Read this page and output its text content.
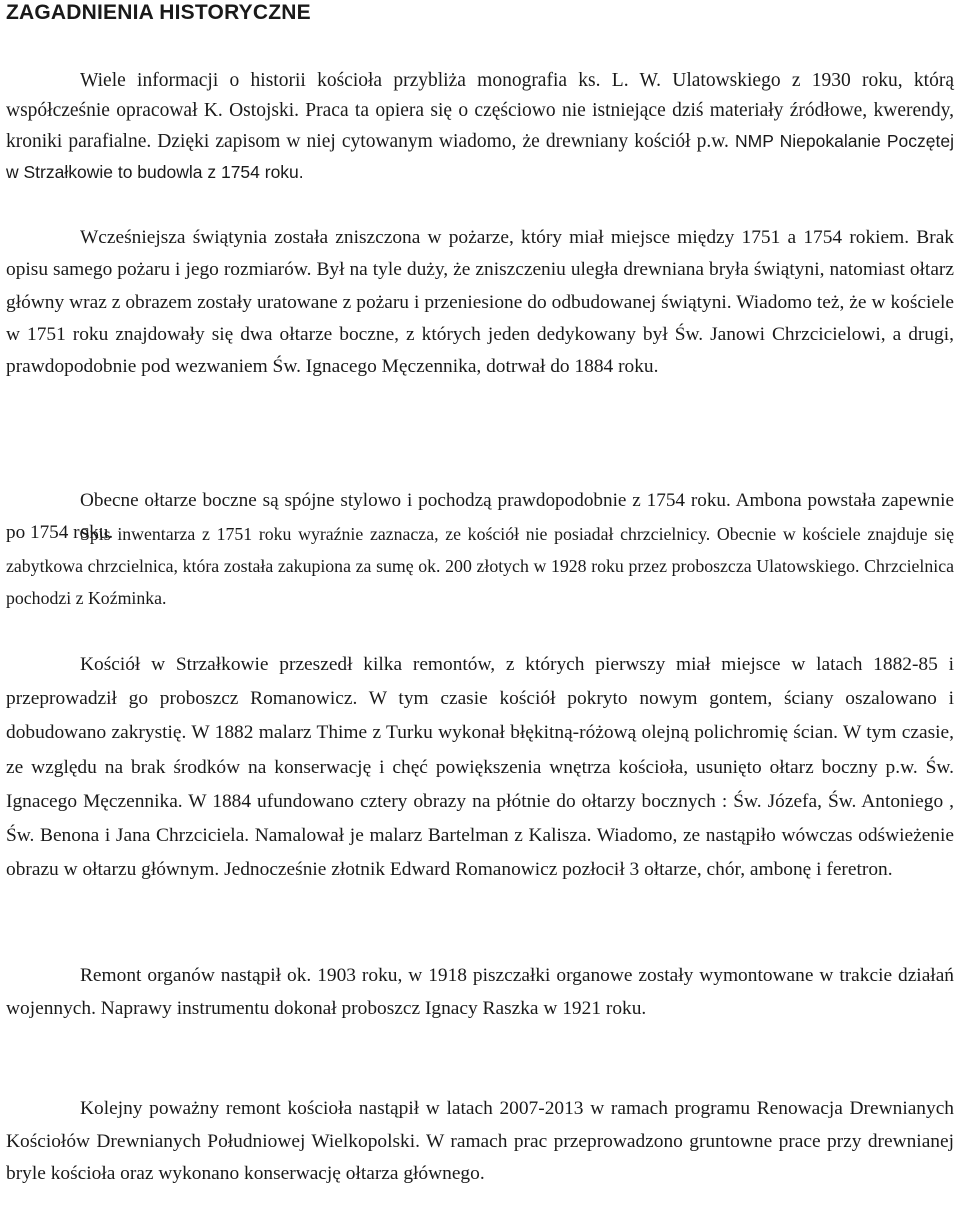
ZAGADNIENIA HISTORYCZNE

Wiele informacji o historii kościoła przybliża monografia ks. L. W. Ulatowskiego z 1930 roku, którą współcześnie opracował K. Ostojski. Praca ta opiera się o częściowo nie istniejące dziś materiały źródłowe, kwerendy, kroniki parafialne. Dzięki zapisom w niej cytowanym wiadomo, że drewniany kościół p.w. NMP Niepokalanie Poczętej w Strzałkowie to budowla z 1754 roku.

Wcześniejsza świątynia została zniszczona w pożarze, który miał miejsce między 1751 a 1754 rokiem. Brak opisu samego pożaru i jego rozmiarów. Był na tyle duży, że zniszczeniu uległa drewniana bryła świątyni, natomiast ołtarz główny wraz z obrazem zostały uratowane z pożaru i przeniesione do odbudowanej świątyni. Wiadomo też, że w kościele w 1751 roku znajdowały się dwa ołtarze boczne, z których jeden dedykowany był Św. Janowi Chrzcicielowi, a drugi, prawdopodobnie pod wezwaniem Św. Ignacego Męczennika, dotrwał do 1884 roku.

Obecne ołtarze boczne są spójne stylowo i pochodzą prawdopodobnie z 1754 roku. Ambona powstała zapewnie po 1754 roku.

Spis inwentarza z 1751 roku wyraźnie zaznacza, ze kościół nie posiadał chrzcielnicy. Obecnie w kościele znajduje się zabytkowa chrzcielnica, która została zakupiona za sumę ok. 200 złotych w 1928 roku przez proboszcza Ulatowskiego. Chrzcielnica pochodzi z Koźminka.

Kościół w Strzałkowie przeszedł kilka remontów, z których pierwszy miał miejsce w latach 1882-85 i przeprowadził go proboszcz Romanowicz. W tym czasie kościół pokryto nowym gontem, ściany oszalowano i dobudowano zakrystię. W 1882 malarz Thime z Turku wykonał błękitną-różową olejną polichromię ścian. W tym czasie, ze względu na brak środków na konserwację i chęć powiększenia wnętrza kościoła, usunięto ołtarz boczny p.w. Św. Ignacego Męczennika. W 1884 ufundowano cztery obrazy na płótnie do ołtarzy bocznych : Św. Józefa, Św. Antoniego , Św. Benona i Jana Chrzciciela. Namalował je malarz Bartelman z Kalisza. Wiadomo, ze nastąpiło wówczas odświeżenie obrazu w ołtarzu głównym. Jednocześnie złotnik Edward Romanowicz pozłocił 3 ołtarze, chór, ambonę i feretron.

Remont organów nastąpił ok. 1903 roku, w 1918 piszczałki organowe zostały wymontowane w trakcie działań wojennych. Naprawy instrumentu dokonał proboszcz Ignacy Raszka w 1921 roku.

Kolejny poważny remont kościoła nastąpił w latach 2007-2013 w ramach programu Renowacja Drewnianych Kościołów Drewnianych Południowej Wielkopolski. W ramach prac przeprowadzono gruntowne prace przy drewnianej bryle kościoła oraz wykonano konserwację ołtarza głównego.
